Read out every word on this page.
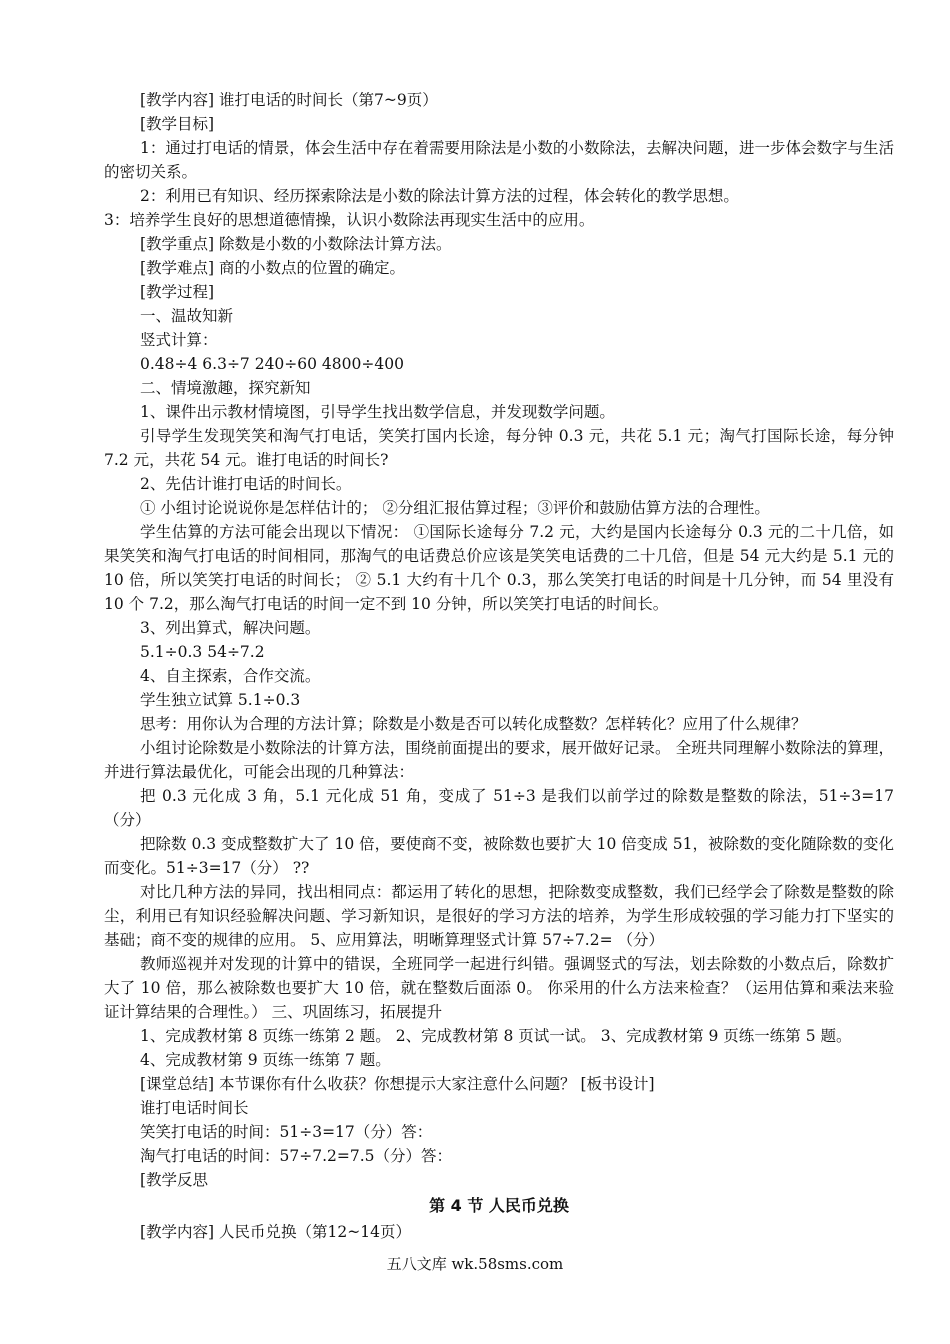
[教学内容] 谁打电话的时间长（第7~9页）

[教学目标]

1：通过打电话的情景，体会生活中存在着需要用除法是小数的小数除法，去解决问题，进一步体会数字与生活的密切关系。

2：利用已有知识、经历探索除法是小数的除法计算方法的过程，体会转化的教学思想。

3：培养学生良好的思想道德情操，认识小数除法再现实生活中的应用。

[教学重点] 除数是小数的小数除法计算方法。

[教学难点] 商的小数点的位置的确定。

[教学过程]

一、温故知新

竖式计算：

0.48÷4 6.3÷7 240÷60 4800÷400

二、情境激趣，探究新知

1、课件出示教材情境图，引导学生找出数学信息，并发现数学问题。

引导学生发现笑笑和淘气打电话，笑笑打国内长途，每分钟 0.3 元，共花 5.1 元；淘气打国际长途，每分钟 7.2 元，共花 54 元。谁打电话的时间长?

2、先估计谁打电话的时间长。

① 小组讨论说说你是怎样估计的； ②分组汇报估算过程；③评价和鼓励估算方法的合理性。

学生估算的方法可能会出现以下情况： ①国际长途每分 7.2 元，大约是国内长途每分 0.3 元的二十几倍，如果笑笑和淘气打电话的时间相同，那淘气的电话费总价应该是笑笑电话费的二十几倍，但是 54 元大约是 5.1 元的 10 倍，所以笑笑打电话的时间长； ② 5.1 大约有十几个 0.3，那么笑笑打电话的时间是十几分钟，而 54 里没有 10 个 7.2，那么淘气打电话的时间一定不到 10 分钟，所以笑笑打电话的时间长。

3、列出算式，解决问题。

5.1÷0.3 54÷7.2

4、自主探索，合作交流。

学生独立试算 5.1÷0.3

思考：用你认为合理的方法计算；除数是小数是否可以转化成整数？怎样转化？应用了什么规律？

小组讨论除数是小数除法的计算方法，围绕前面提出的要求，展开做好记录。 全班共同理解小数除法的算理，并进行算法最优化，可能会出现的几种算法：

把 0.3 元化成 3 角，5.1 元化成 51 角，变成了 51÷3 是我们以前学过的除数是整数的除法，51÷3=17（分）

把除数 0.3 变成整数扩大了 10 倍，要使商不变，被除数也要扩大 10 倍变成 51，被除数的变化随除数的变化而变化。51÷3=17（分） ??

对比几种方法的异同，找出相同点：都运用了转化的思想，把除数变成整数，我们已经学会了除数是整数的除尘，利用已有知识经验解决问题、学习新知识，是很好的学习方法的培养，为学生形成较强的学习能力打下坚实的基础；商不变的规律的应用。 5、应用算法，明晰算理竖式计算 57÷7.2= （分）

教师巡视并对发现的计算中的错误，全班同学一起进行纠错。强调竖式的写法，划去除数的小数点后，除数扩大了 10 倍，那么被除数也要扩大 10 倍，就在整数后面添 0。 你采用的什么方法来检查？（运用估算和乘法来验证计算结果的合理性。） 三、巩固练习，拓展提升

1、完成教材第 8 页练一练第 2 题。 2、完成教材第 8 页试一试。 3、完成教材第 9 页练一练第 5 题。

4、完成教材第 9 页练一练第 7 题。

[课堂总结] 本节课你有什么收获？你想提示大家注意什么问题？ [板书设计]

谁打电话时间长

笑笑打电话的时间：51÷3=17（分）答：

淘气打电话的时间：57÷7.2=7.5（分）答：

[教学反思

第 4 节 人民币兑换

[教学内容] 人民币兑换（第12~14页）

五八文库 wk.58sms.com
